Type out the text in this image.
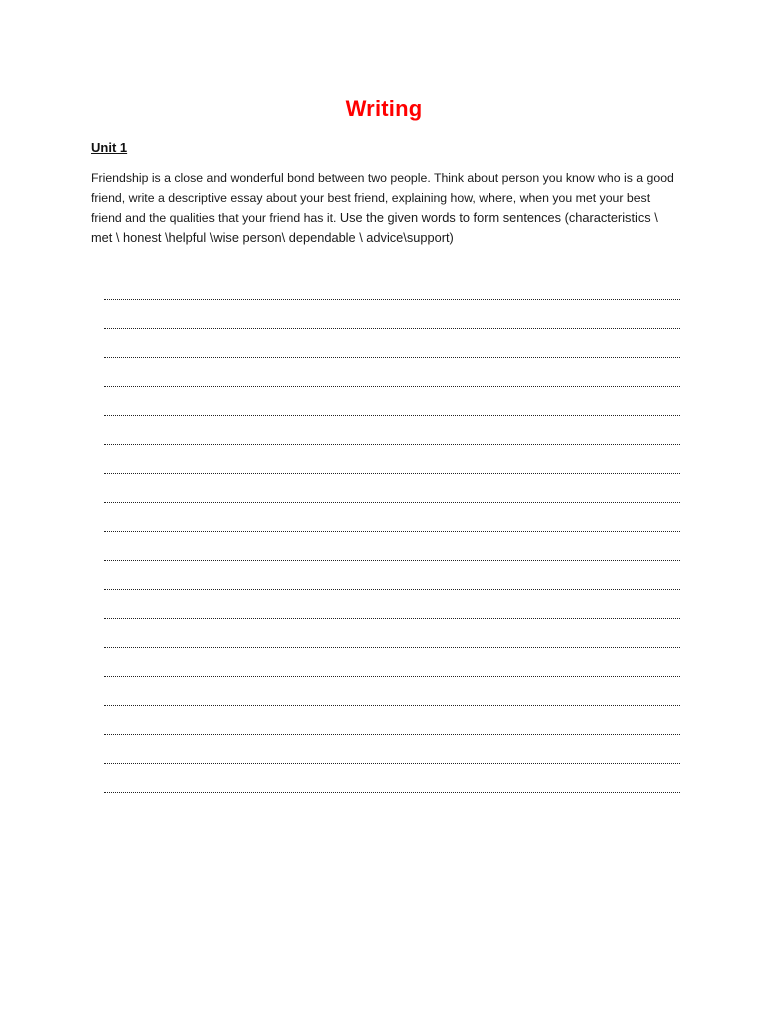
Writing
Unit 1

Friendship is a close and wonderful bond between two people. Think about person you know who is a good friend, write a descriptive essay about your best friend, explaining how, where, when you met your best friend and the qualities that your friend has it. Use the given words to form sentences (characteristics \ met \ honest \helpful \wise person\ dependable \ advice\support)
